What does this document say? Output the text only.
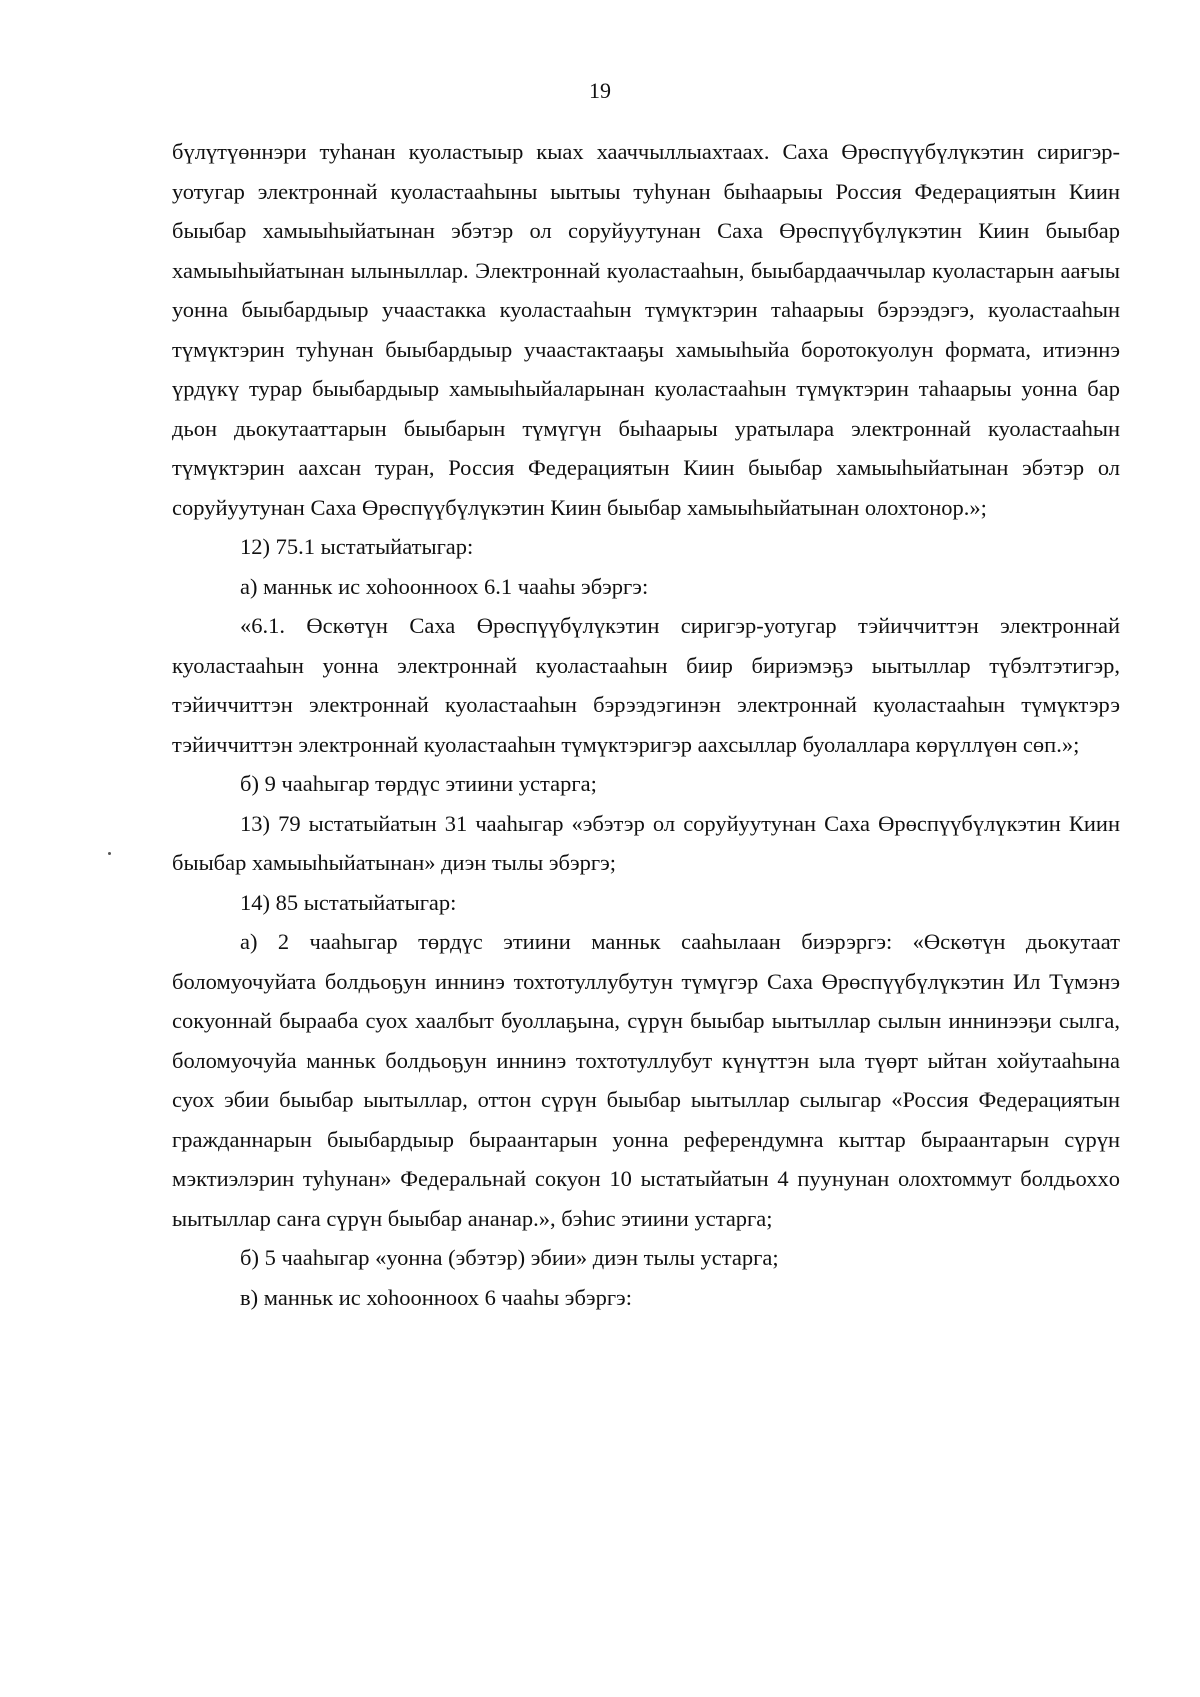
19

бүлүтүөннэри туһанан куоластыыр кыах хааччыллыахтаах. Саха Өрөспүүбүлүкэтин сиригэр-уотугар электроннай куоластааһыны ыытыы туһунан быһаарыы Россия Федерациятын Киин быыбар хамыыһыйатынан эбэтэр ол соруйуутунан Саха Өрөспүүбүлүкэтин Киин быыбар хамыыһыйатынан ылыныллар. Электроннай куоластааһын, быыбардааччылар куоластарын аағыы уонна быыбардыыр учаастакка куоластааһын түмүктэрин таһаарыы бэрээдэгэ, куоластааһын түмүктэрин туһунан быыбардыыр учаастактааҕы хамыыһыйа боротокуолун формата, итиэннэ үрдүкү турар быыбардыыр хамыыһыйаларынан куоластааһын түмүктэрин таһаарыы уонна бар дьон дьокутааттарын быыбарын түмүгүн быһаарыы уратылара электроннай куоластааһын түмүктэрин аахсан туран, Россия Федерациятын Киин быыбар хамыыһыйатынан эбэтэр ол соруйуутунан Саха Өрөспүүбүлүкэтин Киин быыбар хамыыһыйатынан олохтонор.»;

12) 75.1 ыстатыйатыгар:

а) манньк ис хоһоонноох 6.1 чааһы эбэргэ:

«6.1. Өскөтүн Саха Өрөспүүбүлүкэтин сиригэр-уотугар тэйиччиттэн электроннай куоластааһын уонна электроннай куоластааһын биир бириэмэҕэ ыытыллар түбэлтэтигэр, тэйиччиттэн электроннай куоластааһын бэрээдэгинэн электроннай куоластааһын түмүктэрэ тэйиччиттэн электроннай куоластааһын түмүктэригэр аахсыллар буолаллара көрүллүөн сөп.»;

б) 9 чааһыгар төрдүс этиини устарга;

13) 79 ыстатыйатын 31 чааһыгар «эбэтэр ол соруйуутунан Саха Өрөспүүбүлүкэтин Киин быыбар хамыыһыйатынан» диэн тылы эбэргэ;

14) 85 ыстатыйатыгар:

а) 2 чааһыгар төрдүс этиини манньк сааһылаан биэрэргэ: «Өскөтүн дьокутаат боломуочуйата болдьоҕун иннинэ тохтотуллубутун түмүгэр Саха Өрөспүүбүлүкэтин Ил Түмэнэ сокуоннай быраабa суох хаалбыт буоллаҕына, сүрүн быыбар ыытыллар сылын иннинээҕи сылга, боломуочуйа манньк болдьоҕун иннинэ тохтотуллубут күнүттэн ыла түөрт ыйтан хойутааһына суох эбии быыбар ыытыллар, оттон сүрүн быыбар ыытыллар сылыгар «Россия Федерациятын гражданнарын быыбардыыр быраантарын уонна референдумҥа кыттар быраантарын сүрүн мэктиэлэрин туһунан» Федеральнай сокуон 10 ыстатыйатын 4 пуунунан олохтоммут болдьохxо ыытыллар саҥа сүрүн быыбар ананар.», бэһис этиини устарга;

б) 5 чааһыгар «уонна (эбэтэр) эбии» диэн тылы устарга;

в) манньк ис хоһоонноох 6 чааһы эбэргэ:
